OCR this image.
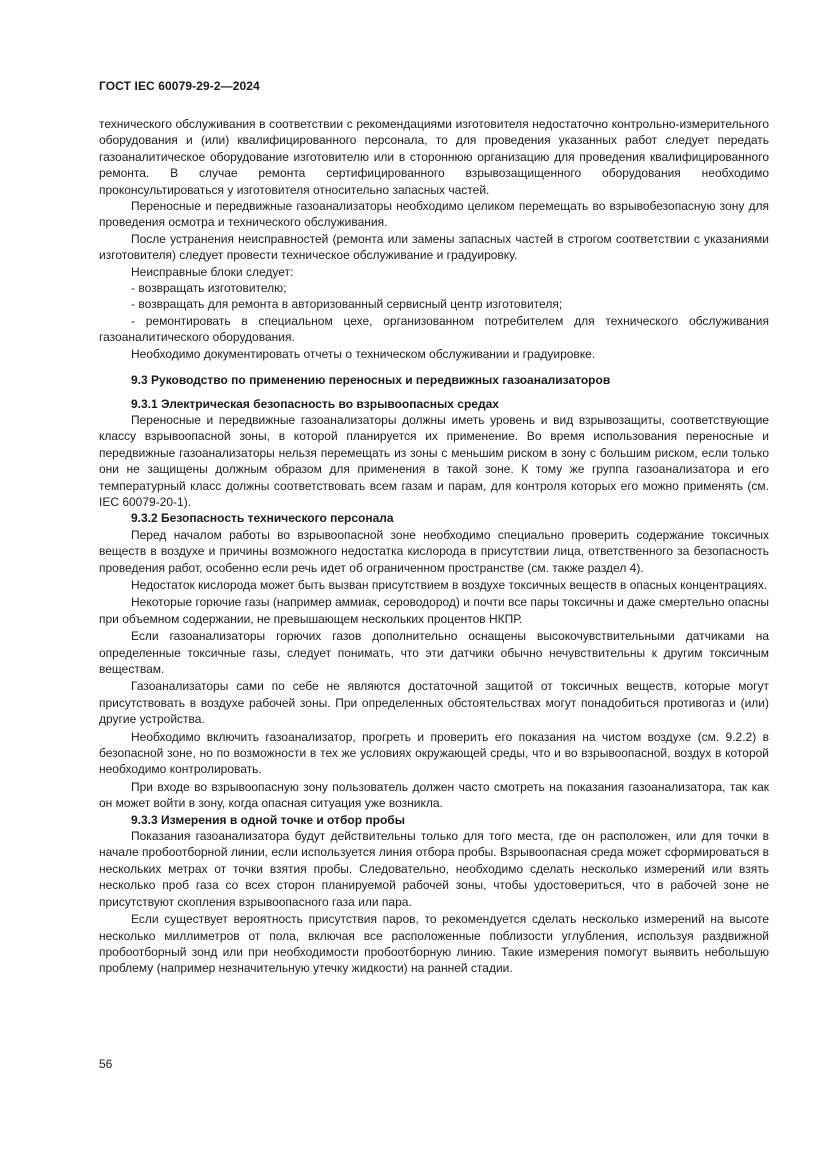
ГОСТ IEC 60079-29-2—2024

технического обслуживания в соответствии с рекомендациями изготовителя недостаточно контрольно-измерительного оборудования и (или) квалифицированного персонала, то для проведения указанных работ следует передать газоаналитическое оборудование изготовителю или в стороннюю организацию для проведения квалифицированного ремонта. В случае ремонта сертифицированного взрывозащищенного оборудования необходимо проконсультироваться у изготовителя относительно запасных частей.

Переносные и передвижные газоанализаторы необходимо целиком перемещать во взрывобезопасную зону для проведения осмотра и технического обслуживания.

После устранения неисправностей (ремонта или замены запасных частей в строгом соответствии с указаниями изготовителя) следует провести техническое обслуживание и градуировку.

Неисправные блоки следует:

- возвращать изготовителю;

- возвращать для ремонта в авторизованный сервисный центр изготовителя;

- ремонтировать в специальном цехе, организованном потребителем для технического обслуживания газоаналитического оборудования.

Необходимо документировать отчеты о техническом обслуживании и градуировке.

9.3 Руководство по применению переносных и передвижных газоанализаторов

9.3.1 Электрическая безопасность во взрывоопасных средах

Переносные и передвижные газоанализаторы должны иметь уровень и вид взрывозащиты, соответствующие классу взрывоопасной зоны, в которой планируется их применение. Во время использования переносные и передвижные газоанализаторы нельзя перемещать из зоны с меньшим риском в зону с большим риском, если только они не защищены должным образом для применения в такой зоне. К тому же группа газоанализатора и его температурный класс должны соответствовать всем газам и парам, для контроля которых его можно применять (см. IEC 60079-20-1).

9.3.2 Безопасность технического персонала

Перед началом работы во взрывоопасной зоне необходимо специально проверить содержание токсичных веществ в воздухе и причины возможного недостатка кислорода в присутствии лица, ответственного за безопасность проведения работ, особенно если речь идет об ограниченном пространстве (см. также раздел 4).

Недостаток кислорода может быть вызван присутствием в воздухе токсичных веществ в опасных концентрациях.

Некоторые горючие газы (например аммиак, сероводород) и почти все пары токсичны и даже смертельно опасны при объемном содержании, не превышающем нескольких процентов НКПР.

Если газоанализаторы горючих газов дополнительно оснащены высокочувствительными датчиками на определенные токсичные газы, следует понимать, что эти датчики обычно нечувствительны к другим токсичным веществам.

Газоанализаторы сами по себе не являются достаточной защитой от токсичных веществ, которые могут присутствовать в воздухе рабочей зоны. При определенных обстоятельствах могут понадобиться противогаз и (или) другие устройства.

Необходимо включить газоанализатор, прогреть и проверить его показания на чистом воздухе (см. 9.2.2) в безопасной зоне, но по возможности в тех же условиях окружающей среды, что и во взрывоопасной, воздух в которой необходимо контролировать.

При входе во взрывоопасную зону пользователь должен часто смотреть на показания газоанализатора, так как он может войти в зону, когда опасная ситуация уже возникла.

9.3.3 Измерения в одной точке и отбор пробы

Показания газоанализатора будут действительны только для того места, где он расположен, или для точки в начале пробоотборной линии, если используется линия отбора пробы. Взрывоопасная среда может сформироваться в нескольких метрах от точки взятия пробы. Следовательно, необходимо сделать несколько измерений или взять несколько проб газа со всех сторон планируемой рабочей зоны, чтобы удостовериться, что в рабочей зоне не присутствуют скопления взрывоопасного газа или пара.

Если существует вероятность присутствия паров, то рекомендуется сделать несколько измерений на высоте несколько миллиметров от пола, включая все расположенные поблизости углубления, используя раздвижной пробоотборный зонд или при необходимости пробоотборную линию. Такие измерения помогут выявить небольшую проблему (например незначительную утечку жидкости) на ранней стадии.

56
